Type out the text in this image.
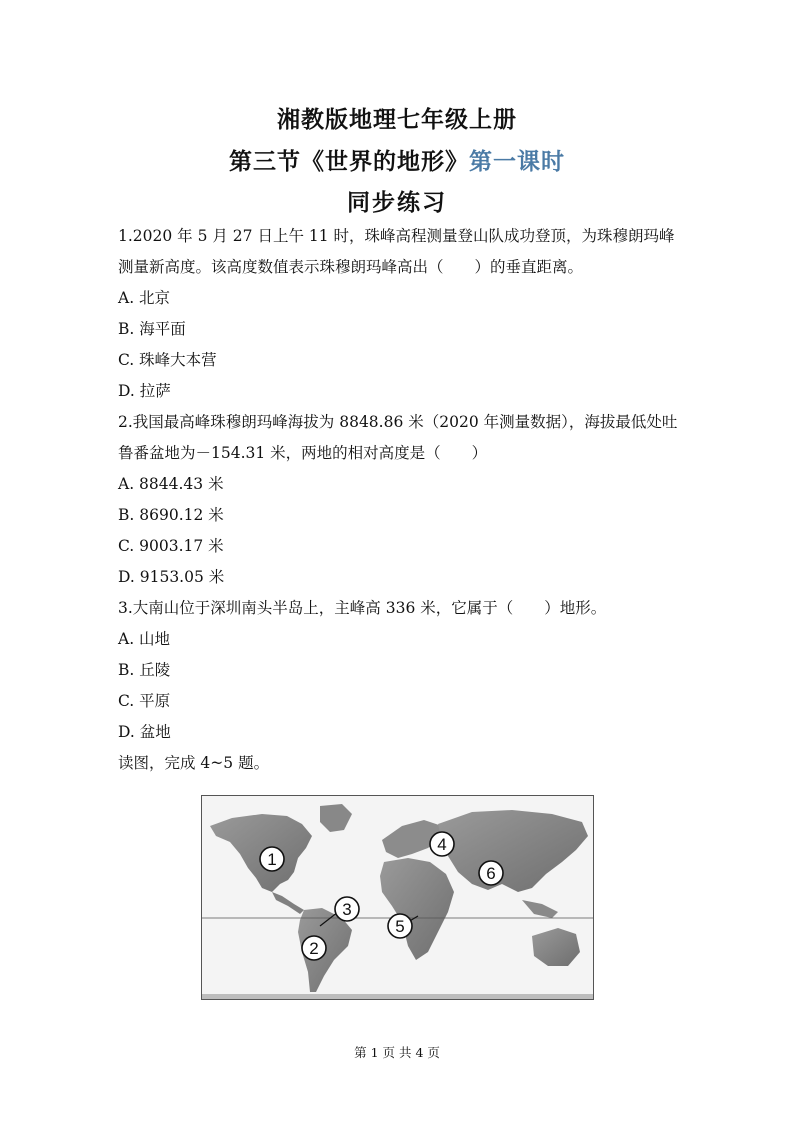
湘教版地理七年级上册
第三节《世界的地形》第一课时
同步练习
1.2020 年 5 月 27 日上午 11 时，珠峰高程测量登山队成功登顶，为珠穆朗玛峰
测量新高度。该高度数值表示珠穆朗玛峰高出（　　）的垂直距离。
A. 北京
B. 海平面
C. 珠峰大本营
D. 拉萨
2.我国最高峰珠穆朗玛峰海拔为 8848.86 米（2020 年测量数据），海拔最低处吐
鲁番盆地为－154.31 米，两地的相对高度是（　　）
A. 8844.43 米
B. 8690.12 米
C. 9003.17 米
D. 9153.05 米
3.大南山位于深圳南头半岛上，主峰高 336 米，它属于（　　）地形。
A. 山地
B. 丘陵
C. 平原
D. 盆地
读图，完成 4~5 题。
1
2
3
4
5
6
第 1 页 共 4 页
